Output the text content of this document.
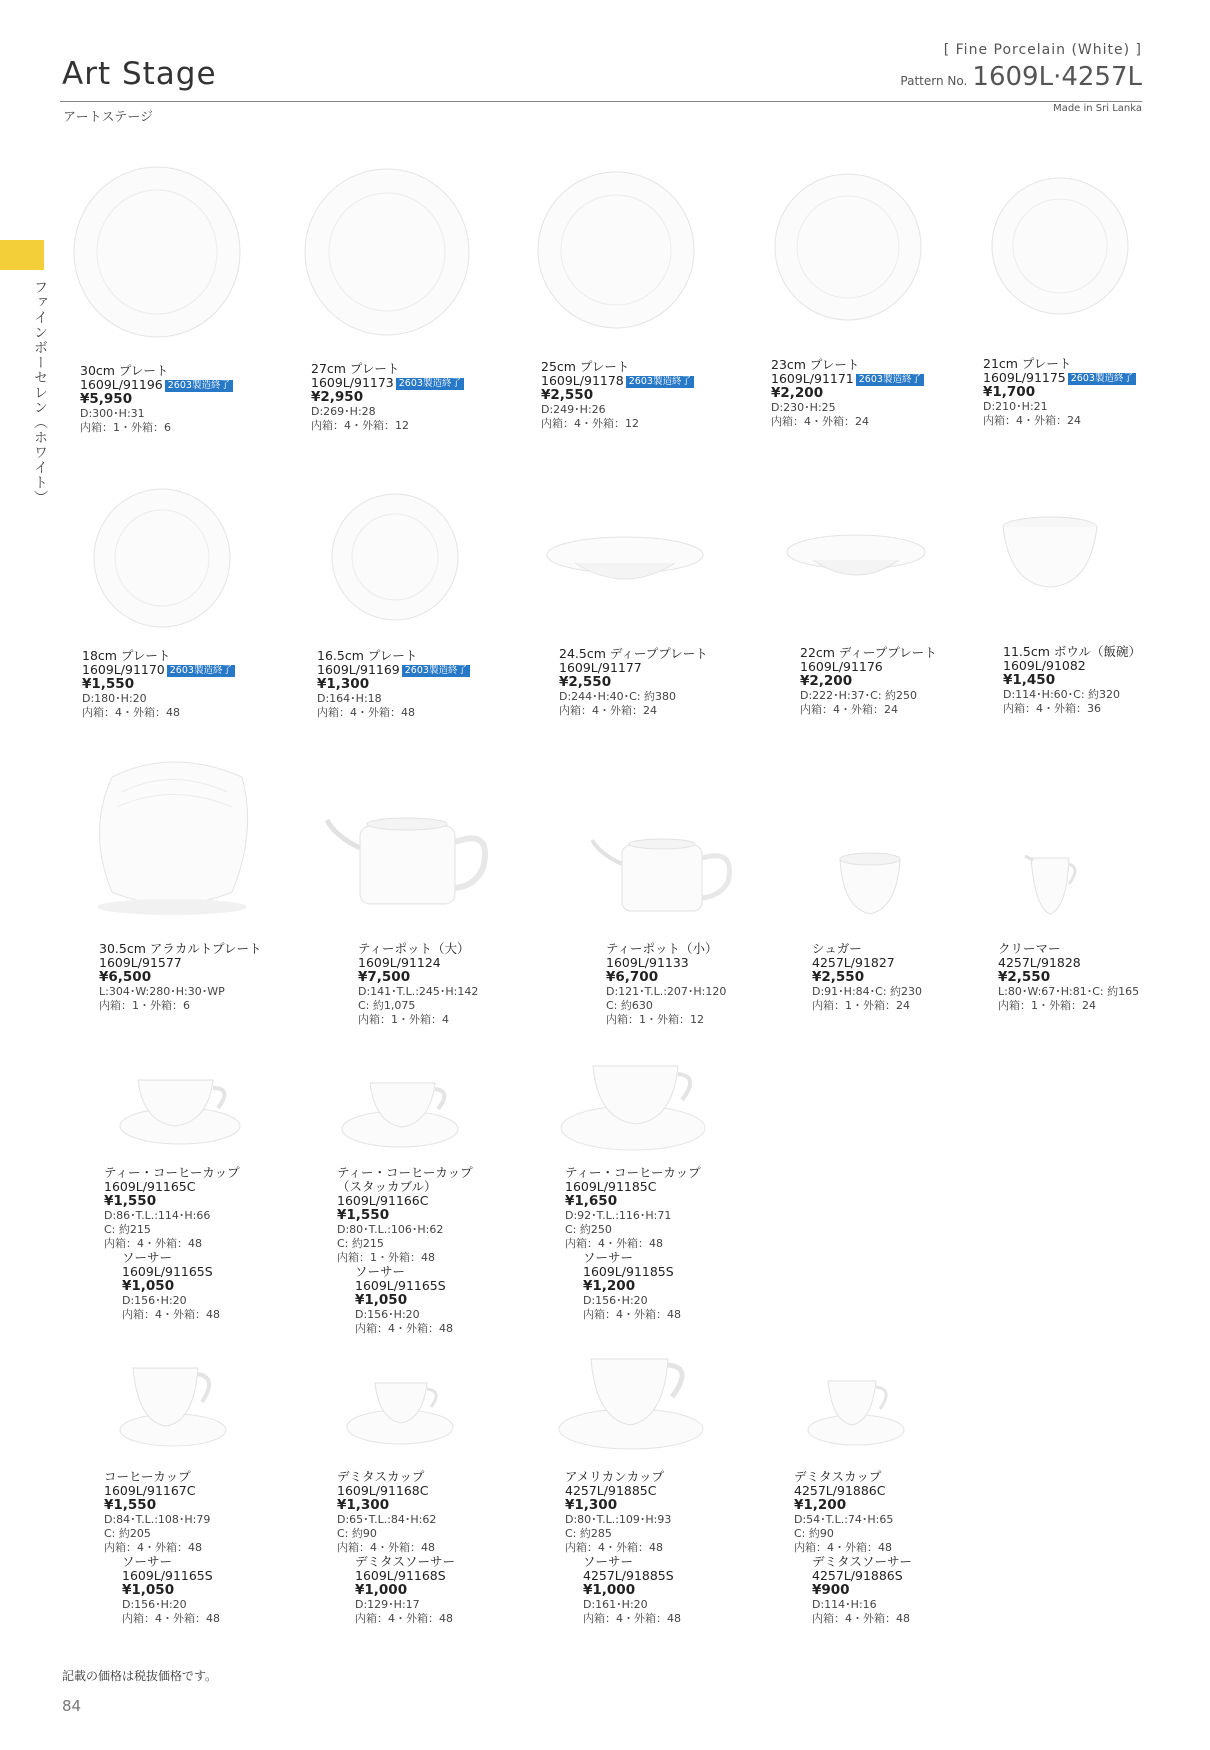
Art Stage
アートステージ
[ Fine Porcelain (White) ]
Pattern No. 1609L·4257L
Made in Sri Lanka
ファインボーセレン（ホワイト）	30cm プレート
1609L/91196 2603製造終了
¥5,950
D:300･H:31
内箱：1・外箱：6
27cm プレート
1609L/91173 2603製造終了
¥2,950
D:269･H:28
内箱：4・外箱：12
25cm プレート
1609L/91178 2603製造終了
¥2,550
D:249･H:26
内箱：4・外箱：12
23cm プレート
1609L/91171 2603製造終了
¥2,200
D:230･H:25
内箱：4・外箱：24
21cm プレート
1609L/91175 2603製造終了
¥1,700
D:210･H:21
内箱：4・外箱：24
18cm プレート
1609L/91170 2603製造終了
¥1,550
D:180･H:20
内箱：4・外箱：48
16.5cm プレート
1609L/91169 2603製造終了
¥1,300
D:164･H:18
内箱：4・外箱：48
24.5cm ディーププレート
1609L/91177
¥2,550
D:244･H:40･C: 約380
内箱：4・外箱：24
22cm ディーププレート
1609L/91176
¥2,200
D:222･H:37･C: 約250
内箱：4・外箱：24
11.5cm ボウル（飯碗）
1609L/91082
¥1,450
D:114･H:60･C: 約320
内箱：4・外箱：36
30.5cm アラカルトプレート
1609L/91577
¥6,500
L:304･W:280･H:30･WP
内箱：1・外箱：6
ティーポット（大）
1609L/91124
¥7,500
D:141･T.L.:245･H:142
C: 約1,075
内箱：1・外箱：4
ティーポット（小）
1609L/91133
¥6,700
D:121･T.L.:207･H:120
C: 約630
内箱：1・外箱：12
シュガー
4257L/91827
¥2,550
D:91･H:84･C: 約230
内箱：1・外箱：24
クリーマー
4257L/91828
¥2,550
L:80･W:67･H:81･C: 約165
内箱：1・外箱：24
ティー・コーヒーカップ
1609L/91165C
¥1,550
D:86･T.L.:114･H:66
C: 約215
内箱：4・外箱：48
ソーサー
1609L/91165S
¥1,050
D:156･H:20
内箱：4・外箱：48
ティー・コーヒーカップ
（スタッカブル）
1609L/91166C
¥1,550
D:80･T.L.:106･H:62
C: 約215
内箱：1・外箱：48
ソーサー
1609L/91165S
¥1,050
D:156･H:20
内箱：4・外箱：48
ティー・コーヒーカップ
1609L/91185C
¥1,650
D:92･T.L.:116･H:71
C: 約250
内箱：4・外箱：48
ソーサー
1609L/91185S
¥1,200
D:156･H:20
内箱：4・外箱：48
コーヒーカップ
1609L/91167C
¥1,550
D:84･T.L.:108･H:79
C: 約205
内箱：4・外箱：48
ソーサー
1609L/91165S
¥1,050
D:156･H:20
内箱：4・外箱：48
デミタスカップ
1609L/91168C
¥1,300
D:65･T.L.:84･H:62
C: 約90
内箱：4・外箱：48
デミタスソーサー
1609L/91168S
¥1,000
D:129･H:17
内箱：4・外箱：48
アメリカンカップ
4257L/91885C
¥1,300
D:80･T.L.:109･H:93
C: 約285
内箱：4・外箱：48
ソーサー
4257L/91885S
¥1,000
D:161･H:20
内箱：4・外箱：48
デミタスカップ
4257L/91886C
¥1,200
D:54･T.L.:74･H:65
C: 約90
内箱：4・外箱：48
デミタスソーサー
4257L/91886S
¥900
D:114･H:16
内箱：4・外箱：48
記載の価格は税抜価格です。
84
